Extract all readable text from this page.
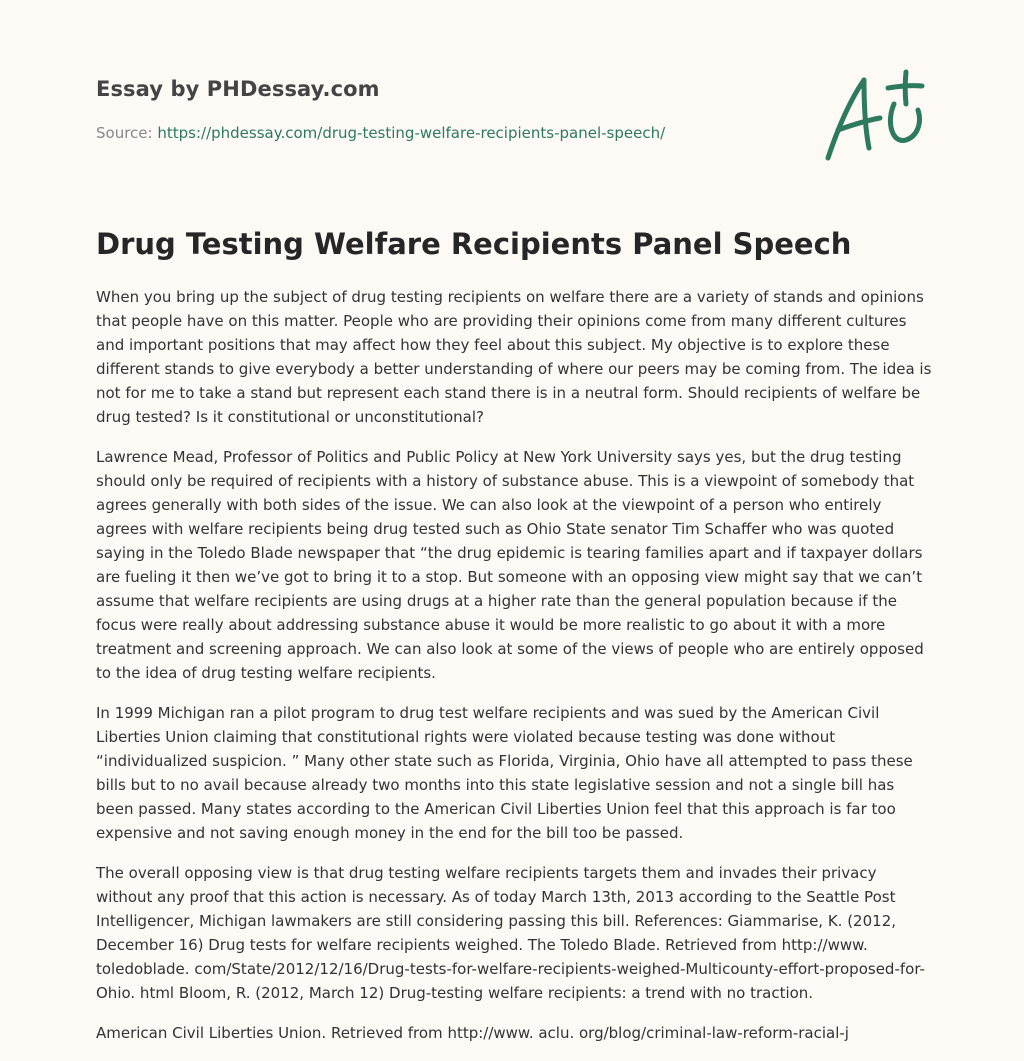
Essay by PHDessay.com
Source: https://phdessay.com/drug-testing-welfare-recipients-panel-speech/
Drug Testing Welfare Recipients Panel Speech

When you bring up the subject of drug testing recipients on welfare there are a variety of stands and opinions that people have on this matter. People who are providing their opinions come from many different cultures and important positions that may affect how they feel about this subject. My objective is to explore these different stands to give everybody a better understanding of where our peers may be coming from. The idea is not for me to take a stand but represent each stand there is in a neutral form. Should recipients of welfare be drug tested? Is it constitutional or unconstitutional?

Lawrence Mead, Professor of Politics and Public Policy at New York University says yes, but the drug testing should only be required of recipients with a history of substance abuse. This is a viewpoint of somebody that agrees generally with both sides of the issue. We can also look at the viewpoint of a person who entirely agrees with welfare recipients being drug tested such as Ohio State senator Tim Schaffer who was quoted saying in the Toledo Blade newspaper that “the drug epidemic is tearing families apart and if taxpayer dollars are fueling it then we’ve got to bring it to a stop. But someone with an opposing view might say that we can’t assume that welfare recipients are using drugs at a higher rate than the general population because if the focus were really about addressing substance abuse it would be more realistic to go about it with a more treatment and screening approach. We can also look at some of the views of people who are entirely opposed to the idea of drug testing welfare recipients.

In 1999 Michigan ran a pilot program to drug test welfare recipients and was sued by the American Civil Liberties Union claiming that constitutional rights were violated because testing was done without “individualized suspicion. ” Many other state such as Florida, Virginia, Ohio have all attempted to pass these bills but to no avail because already two months into this state legislative session and not a single bill has been passed. Many states according to the American Civil Liberties Union feel that this approach is far too expensive and not saving enough money in the end for the bill too be passed.

The overall opposing view is that drug testing welfare recipients targets them and invades their privacy without any proof that this action is necessary. As of today March 13th, 2013 according to the Seattle Post Intelligencer, Michigan lawmakers are still considering passing this bill. References: Giammarise, K. (2012, December 16) Drug tests for welfare recipients weighed. The Toledo Blade. Retrieved from http://www. toledoblade. com/State/2012/12/16/Drug-tests-for-welfare-recipients-weighed-Multicounty-effort-proposed-for-Ohio. html Bloom, R. (2012, March 12) Drug-testing welfare recipients: a trend with no traction.

American Civil Liberties Union. Retrieved from http://www. aclu. org/blog/criminal-law-reform-racial-j
